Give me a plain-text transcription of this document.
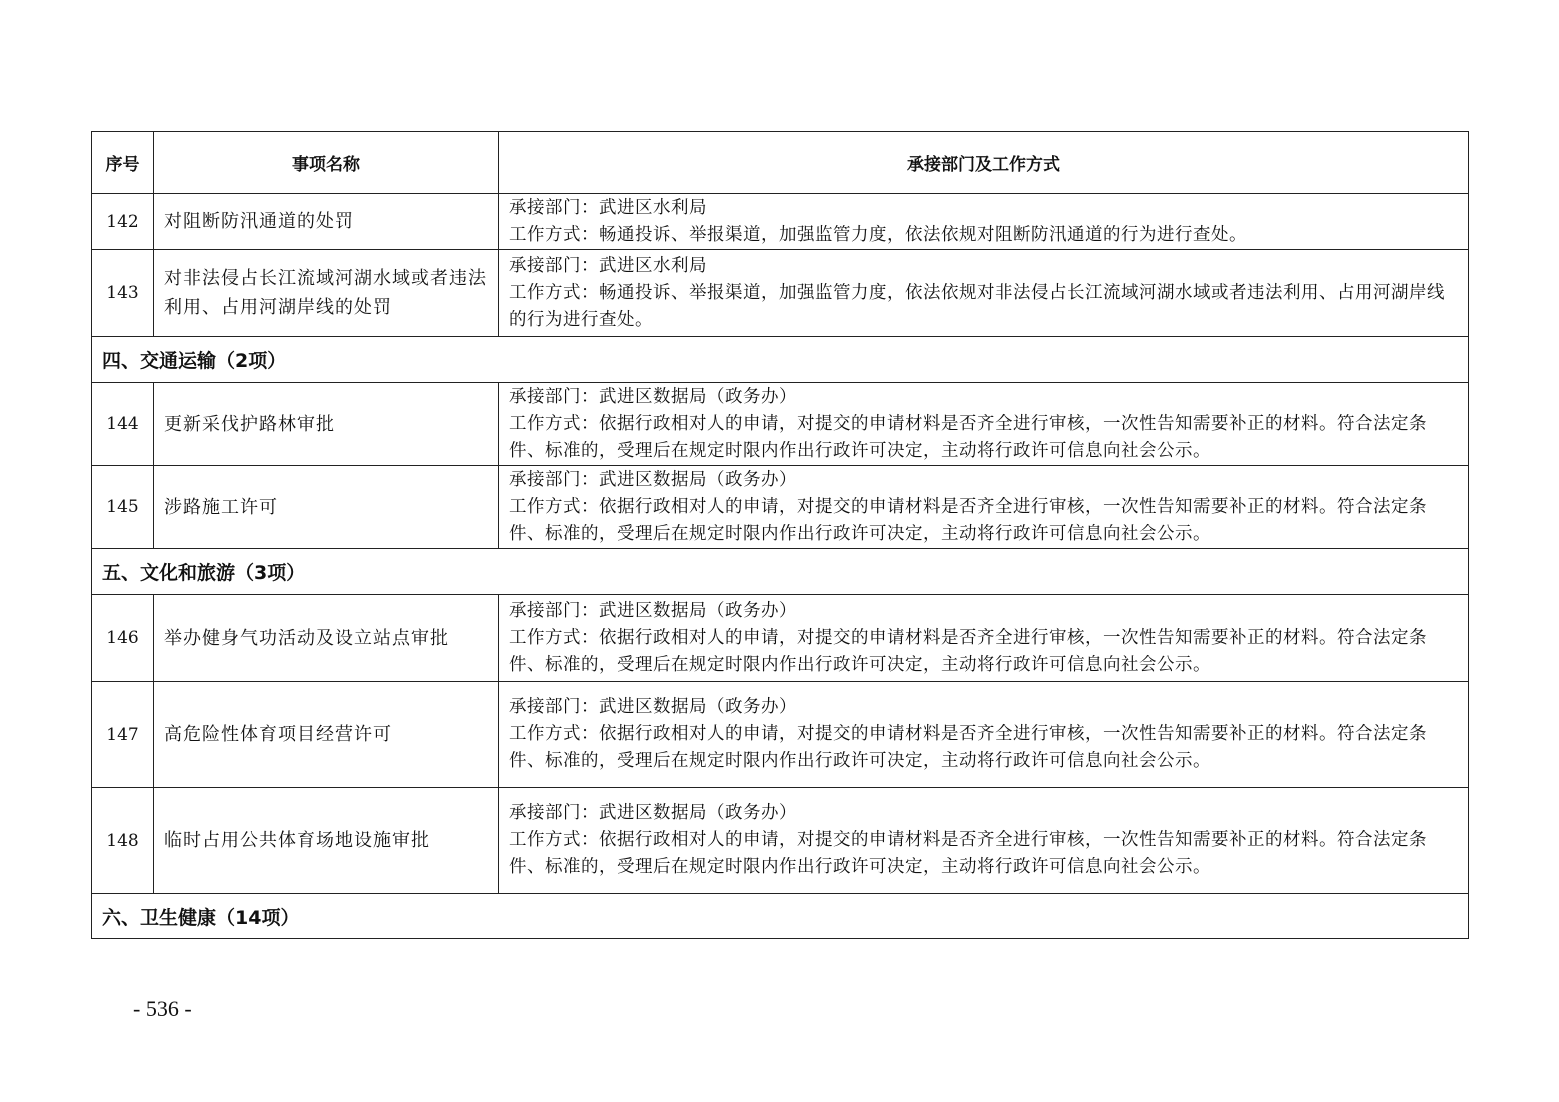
序号	事项名称	承接部门及工作方式
142	对阻断防汛通道的处罚	承接部门：武进区水利局
工作方式：畅通投诉、举报渠道，加强监管力度，依法依规对阻断防汛通道的行为进行查处。

143	对非法侵占长江流域河湖水域或者违法利用、占用河湖岸线的处罚	承接部门：武进区水利局
工作方式：畅通投诉、举报渠道，加强监管力度，依法依规对非法侵占长江流域河湖水域或者违法利用、占用河湖岸线的行为进行查处。

四、交通运输（2项）		
144	更新采伐护路林审批	承接部门：武进区数据局（政务办）
工作方式：依据行政相对人的申请，对提交的申请材料是否齐全进行审核，一次性告知需要补正的材料。符合法定条件、标准的，受理后在规定时限内作出行政许可决定，主动将行政许可信息向社会公示。

145	涉路施工许可	承接部门：武进区数据局（政务办）
工作方式：依据行政相对人的申请，对提交的申请材料是否齐全进行审核，一次性告知需要补正的材料。符合法定条件、标准的，受理后在规定时限内作出行政许可决定，主动将行政许可信息向社会公示。

五、文化和旅游（3项）		
146	举办健身气功活动及设立站点审批	承接部门：武进区数据局（政务办）
工作方式：依据行政相对人的申请，对提交的申请材料是否齐全进行审核，一次性告知需要补正的材料。符合法定条件、标准的，受理后在规定时限内作出行政许可决定，主动将行政许可信息向社会公示。

147	高危险性体育项目经营许可	承接部门：武进区数据局（政务办）
工作方式：依据行政相对人的申请，对提交的申请材料是否齐全进行审核，一次性告知需要补正的材料。符合法定条件、标准的，受理后在规定时限内作出行政许可决定，主动将行政许可信息向社会公示。

148	临时占用公共体育场地设施审批	承接部门：武进区数据局（政务办）
工作方式：依据行政相对人的申请，对提交的申请材料是否齐全进行审核，一次性告知需要补正的材料。符合法定条件、标准的，受理后在规定时限内作出行政许可决定，主动将行政许可信息向社会公示。

六、卫生健康（14项）		
- 536 -
